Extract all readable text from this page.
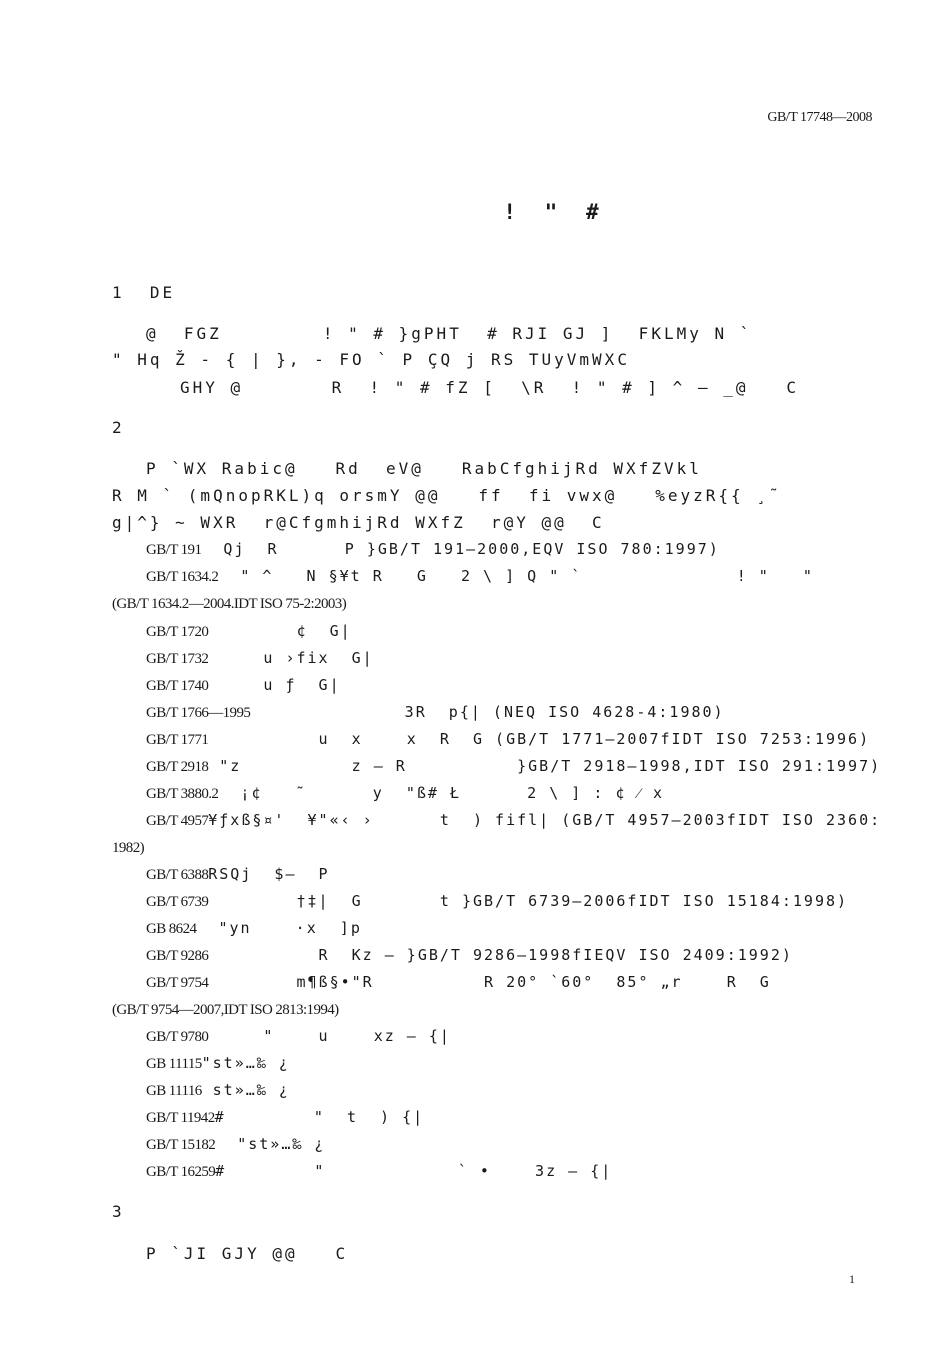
GB/T 17748—2008
! " #
1  DE
@  FGZ        ! " # }gPHT  # RJI GJ ]  FKLMy N `
" Hq Ž - { | }, - FO ` P ÇQ j RS TUyVmWXC
GHY @       R  ! " # fZ [  \R  ! " # ] ^ — _@   C
2
P `WX Rabic@   Rd  eV@   RabCfghijRd WXfZVkl
R M ` (mQnopRKL)q orsmY @@   ff  fi vwx@   %eyzR{{ ¸˜
g|^} ~ WXR  r@CfgmhijRd WXfZ  r@Y @@  C
GB/T 191  Qj  R      P }GB/T 191—2000,EQV ISO 780:1997)
GB/T 1634.2  " ^   N §¥t R   G   2 \ ] Q " `              ! "   "
(GB/T 1634.2—2004.IDT ISO 75-2:2003)
GB/T 1720        ¢  G|
GB/T 1732     u ›fix  G|
GB/T 1740     u ƒ  G|
GB/T 1766—1995              3R  p{| (NEQ ISO 4628-4:1980)
GB/T 1771          u  x    x  R  G (GB/T 1771—2007fIDT ISO 7253:1996)
GB/T 2918 "z          z – R          }GB/T 2918—1998,IDT ISO 291:1997)
GB/T 3880.2  ¡¢   ˜      y  "ß# Ł      2 \ ] : ¢ ⁄ x
GB/T 4957¥ƒxß§¤'  ¥"«‹ ›      t  ) fifl| (GB/T 4957—2003fIDT ISO 2360:
1982)
GB/T 6388RSQj  $–  P
GB/T 6739        †‡|  G       t }GB/T 6739—2006fIDT ISO 15184:1998)
GB 8624  "yn    ·x  ]p
GB/T 9286          R  Kz – }GB/T 9286—1998fIEQV ISO 2409:1992)
GB/T 9754        m¶ß§•"R          R 20° `60°  85° „r    R  G
(GB/T 9754—2007,IDT ISO 2813:1994)
GB/T 9780     "    u    xz – {|
GB 11115"st»…‰ ¿
GB 11116 st»…‰ ¿
GB/T 11942#        "  t  ) {|
GB/T 15182  "st»…‰ ¿
GB/T 16259#        "            ` •    3z – {|
3
P `JI GJY @@   C
1
